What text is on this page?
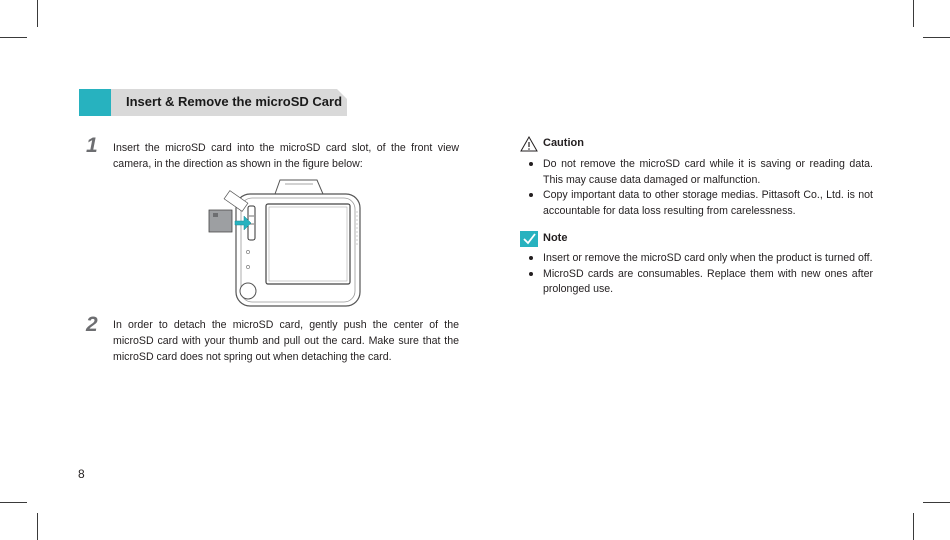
Insert & Remove the microSD Card
1 Insert the microSD card into the microSD card slot, of the front view camera, in the direction as shown in the figure below:
2 In order to detach the microSD card, gently push the center of the microSD card with your thumb and pull out the card. Make sure that the microSD card does not spring out when detaching the card.
Caution
Do not remove the microSD card while it is saving or reading data. This may cause data damaged or malfunction.
Copy important data to other storage medias. Pittasoft Co., Ltd. is not accountable for data loss resulting from carelessness.
Note
Insert or remove the microSD card only when the product is turned off.
MicroSD cards are consumables. Replace them with new ones after prolonged use.
8
